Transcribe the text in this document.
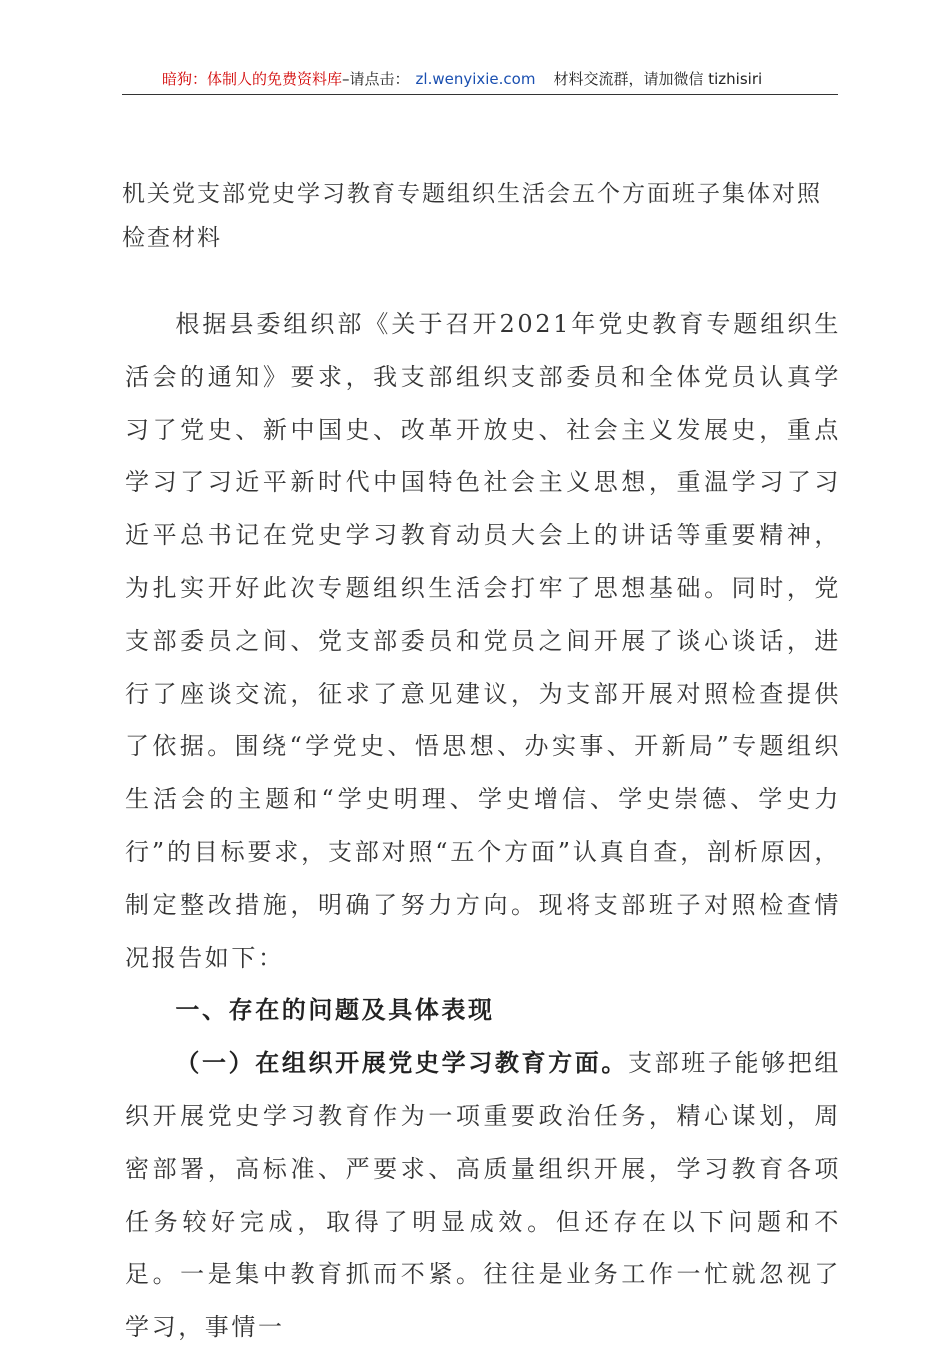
暗狗：体制人的免费资料库–请点击： zl.wenyixie.com 材料交流群，请加微信 tizhisiri
机关党支部党史学习教育专题组织生活会五个方面班子集体对照检查材料

根据县委组织部《关于召开2021年党史教育专题组织生活会的通知》要求，我支部组织支部委员和全体党员认真学习了党史、新中国史、改革开放史、社会主义发展史，重点学习了习近平新时代中国特色社会主义思想，重温学习了习近平总书记在党史学习教育动员大会上的讲话等重要精神，为扎实开好此次专题组织生活会打牢了思想基础。同时，党支部委员之间、党支部委员和党员之间开展了谈心谈话，进行了座谈交流，征求了意见建议，为支部开展对照检查提供了依据。围绕“学党史、悟思想、办实事、开新局”专题组织生活会的主题和“学史明理、学史增信、学史崇德、学史力行”的目标要求，支部对照“五个方面”认真自查，剖析原因，制定整改措施，明确了努力方向。现将支部班子对照检查情况报告如下：

一、存在的问题及具体表现

（一）在组织开展党史学习教育方面。支部班子能够把组织开展党史学习教育作为一项重要政治任务，精心谋划，周密部署，高标准、严要求、高质量组织开展，学习教育各项任务较好完成，取得了明显成效。但还存在以下问题和不足。一是集中教育抓而不紧。往往是业务工作一忙就忽视了学习，事情一
